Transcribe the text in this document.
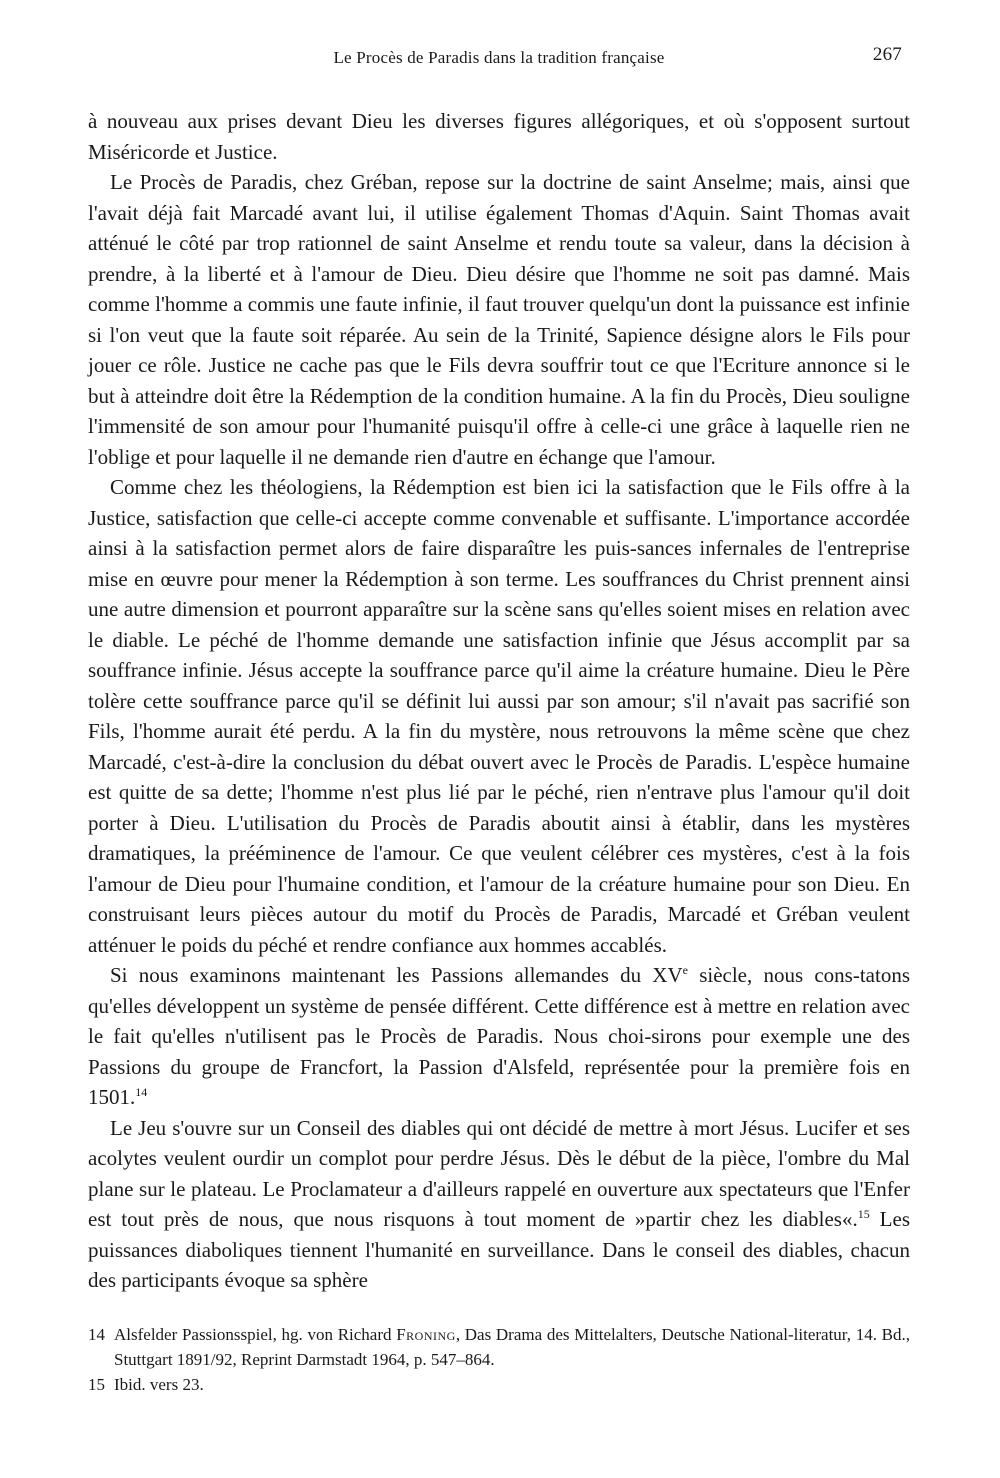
Le Procès de Paradis dans la tradition française	267

à nouveau aux prises devant Dieu les diverses figures allégoriques, et où s'opposent surtout Miséricorde et Justice.

Le Procès de Paradis, chez Gréban, repose sur la doctrine de saint Anselme; mais, ainsi que l'avait déjà fait Marcadé avant lui, il utilise également Thomas d'Aquin. Saint Thomas avait atténué le côté par trop rationnel de saint Anselme et rendu toute sa valeur, dans la décision à prendre, à la liberté et à l'amour de Dieu. Dieu désire que l'homme ne soit pas damné. Mais comme l'homme a commis une faute infinie, il faut trouver quelqu'un dont la puissance est infinie si l'on veut que la faute soit réparée. Au sein de la Trinité, Sapience désigne alors le Fils pour jouer ce rôle. Justice ne cache pas que le Fils devra souffrir tout ce que l'Ecriture annonce si le but à atteindre doit être la Rédemption de la condition humaine. A la fin du Procès, Dieu souligne l'immensité de son amour pour l'humanité puisqu'il offre à celle-ci une grâce à laquelle rien ne l'oblige et pour laquelle il ne demande rien d'autre en échange que l'amour.

Comme chez les théologiens, la Rédemption est bien ici la satisfaction que le Fils offre à la Justice, satisfaction que celle-ci accepte comme convenable et suffisante. L'importance accordée ainsi à la satisfaction permet alors de faire disparaître les puis-sances infernales de l'entreprise mise en œuvre pour mener la Rédemption à son terme. Les souffrances du Christ prennent ainsi une autre dimension et pourront apparaître sur la scène sans qu'elles soient mises en relation avec le diable. Le péché de l'homme demande une satisfaction infinie que Jésus accomplit par sa souffrance infinie. Jésus accepte la souffrance parce qu'il aime la créature humaine. Dieu le Père tolère cette souffrance parce qu'il se définit lui aussi par son amour; s'il n'avait pas sacrifié son Fils, l'homme aurait été perdu. A la fin du mystère, nous retrouvons la même scène que chez Marcadé, c'est-à-dire la conclusion du débat ouvert avec le Procès de Paradis. L'espèce humaine est quitte de sa dette; l'homme n'est plus lié par le péché, rien n'entrave plus l'amour qu'il doit porter à Dieu. L'utilisation du Procès de Paradis aboutit ainsi à établir, dans les mystères dramatiques, la prééminence de l'amour. Ce que veulent célébrer ces mystères, c'est à la fois l'amour de Dieu pour l'humaine condition, et l'amour de la créature humaine pour son Dieu. En construisant leurs pièces autour du motif du Procès de Paradis, Marcadé et Gréban veulent atténuer le poids du péché et rendre confiance aux hommes accablés.

Si nous examinons maintenant les Passions allemandes du XVe siècle, nous cons-tatons qu'elles développent un système de pensée différent. Cette différence est à mettre en relation avec le fait qu'elles n'utilisent pas le Procès de Paradis. Nous choi-sirons pour exemple une des Passions du groupe de Francfort, la Passion d'Alsfeld, représentée pour la première fois en 1501.14

Le Jeu s'ouvre sur un Conseil des diables qui ont décidé de mettre à mort Jésus. Lucifer et ses acolytes veulent ourdir un complot pour perdre Jésus. Dès le début de la pièce, l'ombre du Mal plane sur le plateau. Le Proclamateur a d'ailleurs rappelé en ouverture aux spectateurs que l'Enfer est tout près de nous, que nous risquons à tout moment de »partir chez les diables«.$^{15}$ Les puissances diaboliques tiennent l'humanité en surveillance. Dans le conseil des diables, chacun des participants évoque sa sphère

14 Alsfelder Passionsspiel, hg. von Richard Froning, Das Drama des Mittelalters, Deutsche National-literatur, 14. Bd., Stuttgart 1891/92, Reprint Darmstadt 1964, p. 547–864.
15 Ibid. vers 23.
